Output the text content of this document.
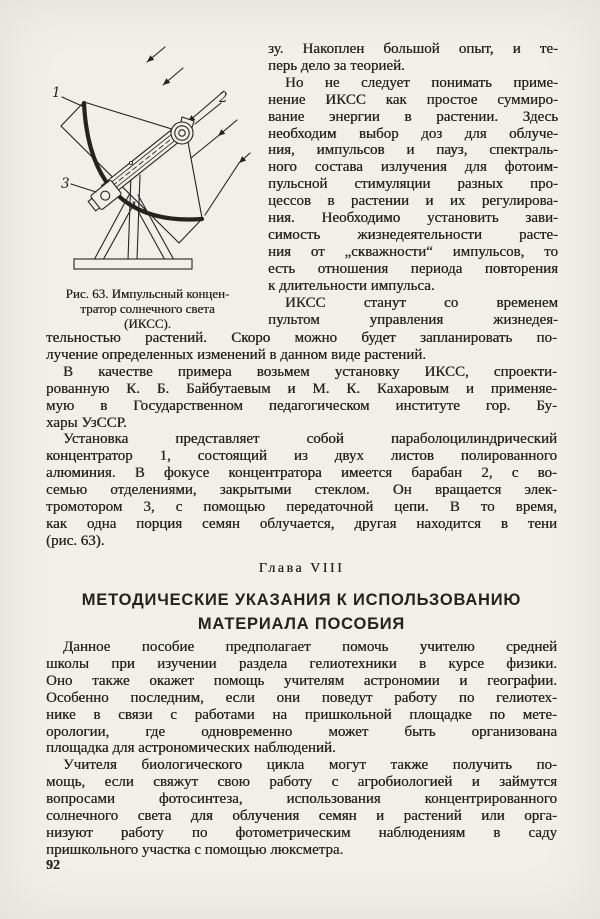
1	2
3
Рис. 63. Импульсный концен-
тратор солнечного света
(ИКСС).
зу. Накоплен большой опыт, и те-
перь дело за теорией.
Но не следует понимать приме-
нение ИКСС как простое суммиро-
вание энергии в растении. Здесь
необходим выбор доз для облуче-
ния, импульсов и пауз, спектраль-
ного состава излучения для фотоим-
пульсной стимуляции разных про-
цессов в растении и их регулирова-
ния. Необходимо установить зави-
симость жизнедеятельности расте-
ния от „скважности“ импульсов, то
есть отношения периода повторения
к длительности импульса.
ИКСС станут со временем
пультом управления жизнедея-
тельностью растений. Скоро можно будет запланировать по-
лучение определенных изменений в данном виде растений.
В качестве примера возьмем установку ИКСС, спроекти-
рованную К. Б. Байбутаевым и М. К. Кахаровым и применяе-
мую в Государственном педагогическом институте гор. Бу-
хары УзССР.
Установка представляет собой параболоцилиндрический
концентратор 1, состоящий из двух листов полированного
алюминия. В фокусе концентратора имеется барабан 2, с во-
семью отделениями, закрытыми стеклом. Он вращается элек-
тромотором 3, с помощью передаточной цепи. В то время,
как одна порция семян облучается, другая находится в тени
(рис. 63).
Глава VIII
МЕТОДИЧЕСКИЕ УКАЗАНИЯ К ИСПОЛЬЗОВАНИЮ
МАТЕРИАЛА ПОСОБИЯ
Данное пособие предполагает помочь учителю средней
школы при изучении раздела гелиотехники в курсе физики.
Оно также окажет помощь учителям астрономии и географии.
Особенно последним, если они поведут работу по гелиотех-
нике в связи с работами на пришкольной площадке по мете-
орологии, где одновременно может быть организована
площадка для астрономических наблюдений.
Учителя биологического цикла могут также получить по-
мощь, если свяжут свою работу с агробиологией и займутся
вопросами фотосинтеза, использования концентрированного
солнечного света для облучения семян и растений или орга-
низуют работу по фотометрическим наблюдениям в саду
пришкольного участка с помощью люксметра.
92
